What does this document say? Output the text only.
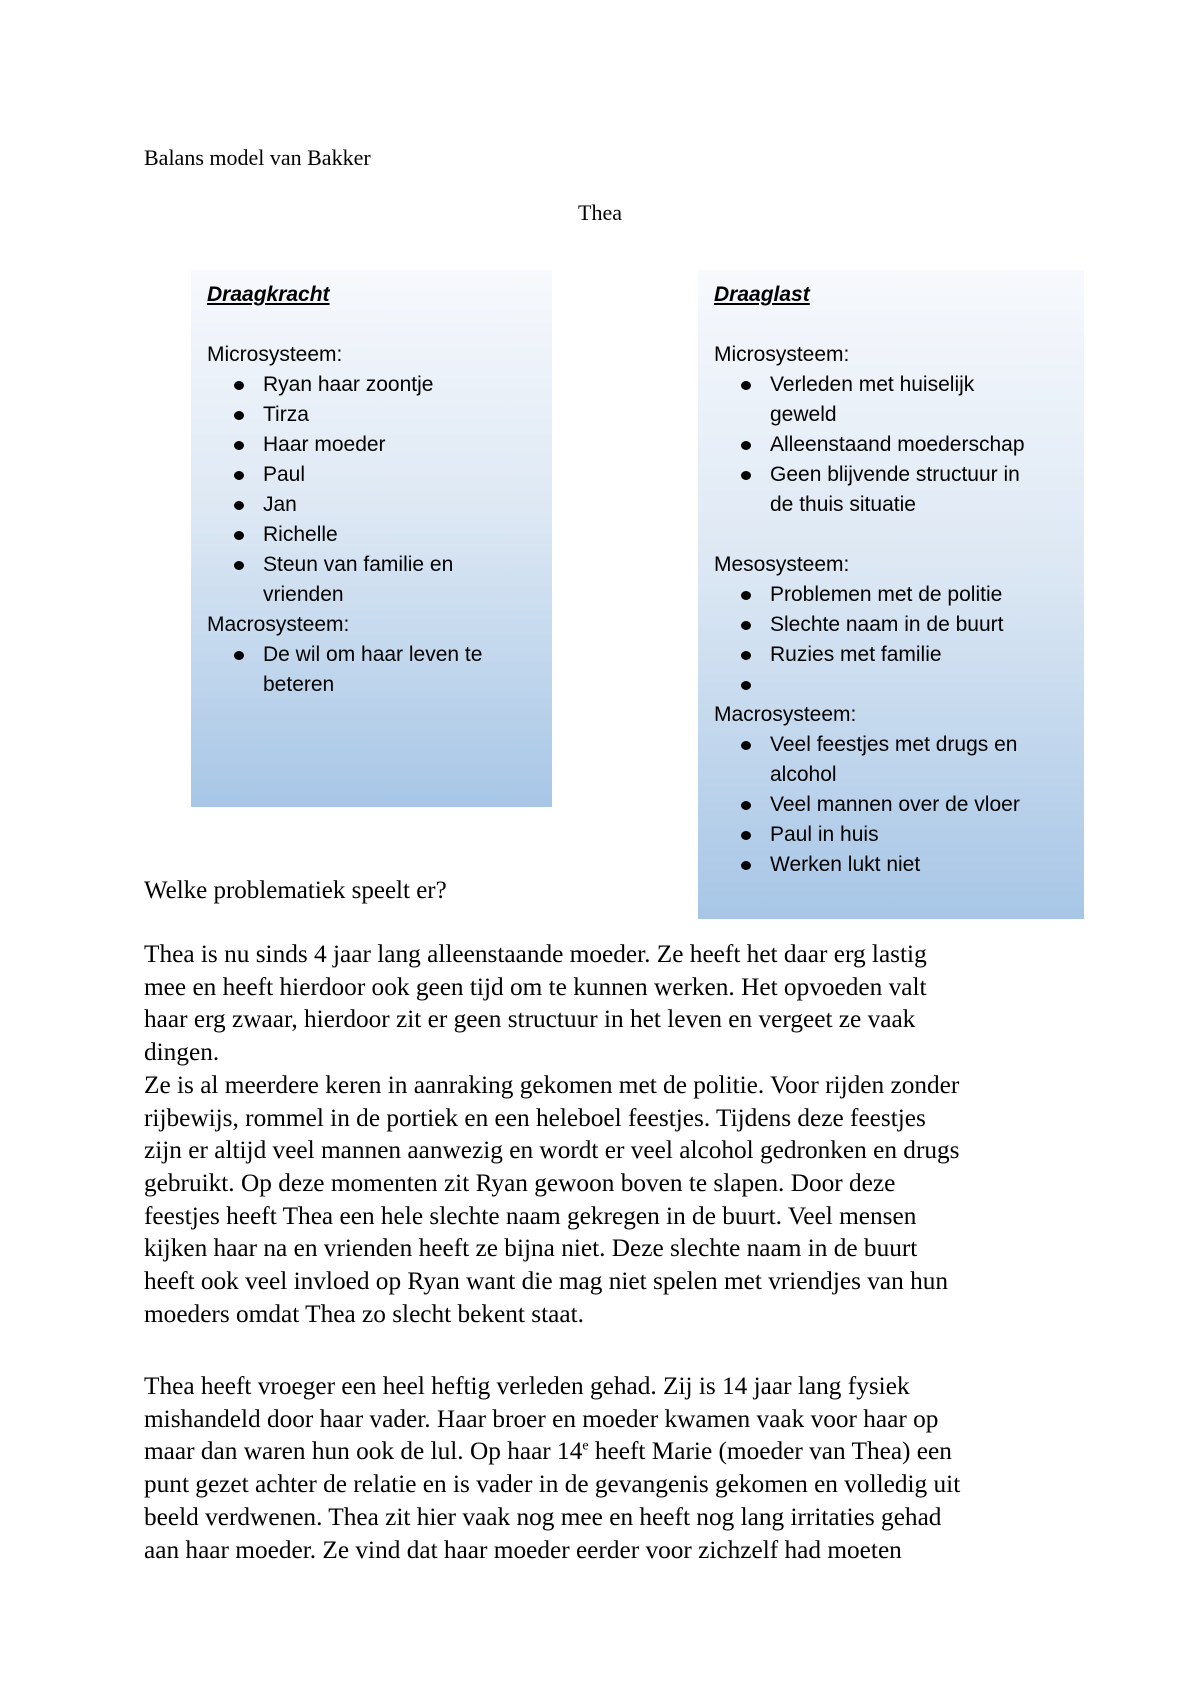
Balans model van Bakker
Thea
Draagkracht
Microsysteem:
Ryan haar zoontje
Tirza
Haar moeder
Paul
Jan
Richelle
Steun van familie en
vrienden
Macrosysteem:
De wil om haar leven te
beteren
Draaglast
Microsysteem:
Verleden met huiselijk
geweld
Alleenstaand moederschap
Geen blijvende structuur in
de thuis situatie
Mesosysteem:
Problemen met de politie
Slechte naam in de buurt
Ruzies met familie
Macrosysteem:
Veel feestjes met drugs en
alcohol
Veel mannen over de vloer
Paul in huis
Werken lukt niet
Welke problematiek speelt er?
Thea is nu sinds 4 jaar lang alleenstaande moeder. Ze heeft het daar erg lastig
mee en heeft hierdoor ook geen tijd om te kunnen werken. Het opvoeden valt
haar erg zwaar, hierdoor zit er geen structuur in het leven en vergeet ze vaak
dingen.
Ze is al meerdere keren in aanraking gekomen met de politie. Voor rijden zonder
rijbewijs, rommel in de portiek en een heleboel feestjes. Tijdens deze feestjes
zijn er altijd veel mannen aanwezig en wordt er veel alcohol gedronken en drugs
gebruikt. Op deze momenten zit Ryan gewoon boven te slapen. Door deze
feestjes heeft Thea een hele slechte naam gekregen in de buurt. Veel mensen
kijken haar na en vrienden heeft ze bijna niet. Deze slechte naam in de buurt
heeft ook veel invloed op Ryan want die mag niet spelen met vriendjes van hun
moeders omdat Thea zo slecht bekent staat.
Thea heeft vroeger een heel heftig verleden gehad. Zij is 14 jaar lang fysiek
mishandeld door haar vader. Haar broer en moeder kwamen vaak voor haar op
maar dan waren hun ook de lul. Op haar 14e heeft Marie (moeder van Thea) een
punt gezet achter de relatie en is vader in de gevangenis gekomen en volledig uit
beeld verdwenen. Thea zit hier vaak nog mee en heeft nog lang irritaties gehad
aan haar moeder. Ze vind dat haar moeder eerder voor zichzelf had moeten
